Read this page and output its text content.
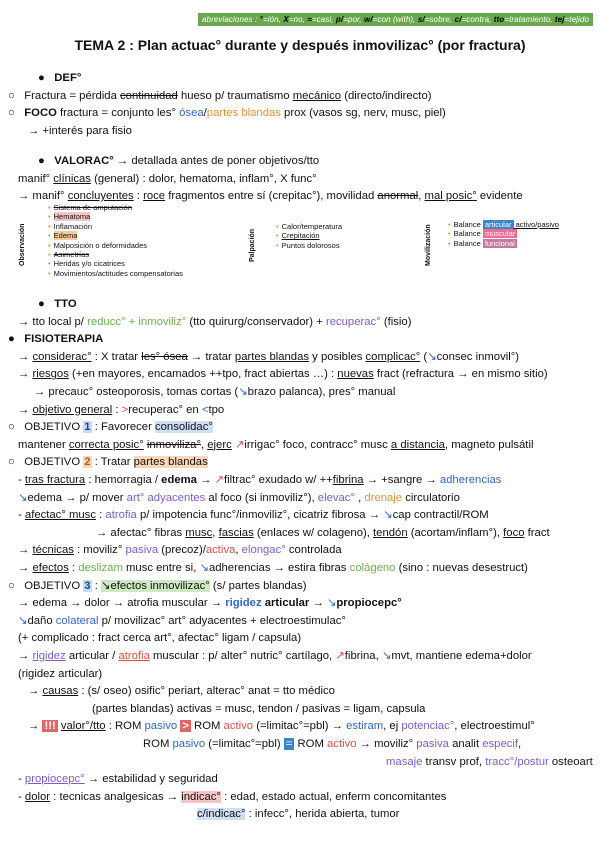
abreviaciones : °=ión, X=no, ≈=casi, p/=por, w/=con (with), s/=sobre, c/=contra, tto=tratamiento, tej=tejido
TEMA 2 : Plan actuac° durante y después inmovilizac° (por fractura)
●   DEF°
○   Fractura = pérdida continuidad hueso p/ traumatismo mecánico (directo/indirecto)
○   FOCO fractura = conjunto les° ósea/partes blandas prox (vasos sg, nerv, musc, piel)
→ +interés para fisio
●   VALORAC° → detallada antes de poner objetivos/tto
manif° clínicas (general) : dolor, hematoma, inflam°, X func°
→ manif° concluyentes : roce fragmentos entre sí (crepitac°), movilidad anormal, mal posic° evidente
Observación
• Sistema de amputación
• Hematoma
• Inflamación
• Edema
• Malposición o deformidades
• Asimetrías
• Heridas y/o cicatrices
• Movimientos/actitudes compensatorias
Palpación
• Calor/temperatura
• Crepitación
• Puntos dolorosos	Movilización	• Balance articular activo/pasivo
• Balance muscular
• Balance funcional
●   TTO
→ tto local p/ reducc° + inmoviliz° (tto quirurg/conservador) + recuperac° (fisio)
●   FISIOTERAPIA
→ considerac° : X tratar les° ósea → tratar partes blandas y posibles complicac° (↘consec inmovil°)
→ riesgos (+en mayores, encamados ++tpo, fract abiertas …) : nuevas fract (refractura → en mismo sitio)
→ precauc° osteoporosis, tomas cortas (↘brazo palanca), pres° manual
→ objetivo general : >recuperac° en <tpo
○   OBJETIVO 1 : Favorecer consolidac°
mantener correcta posic° inmoviliza°, ejerc ↗irrigac° foco, contracc° musc a distancia, magneto pulsátil
○   OBJETIVO 2 : Tratar partes blandas
- tras fractura : hemorragia / edema → ↗filtrac° exudado w/ ++fibrina → +sangre → adherencias
↘edema → p/ mover art° adyacentes al foco (si inmoviliz°), elevac° , drenaje circulatorio
- afectac° musc : atrofia p/ impotencia func°/inmoviliz°, cicatriz fibrosa → ↘cap contractil/ROM
→ afectac° fibras musc, fascias (enlaces w/ colageno), tendón (acortam/inflam°), foco fract
→ técnicas : moviliz° pasiva (precoz)/activa, elongac° controlada
→ efectos : deslizam musc entre si, ↘adherencias → estira fibras colágeno (sino : nuevas desestruct)
○   OBJETIVO 3 : ↘efectos inmovilizac° (s/ partes blandas)
→ edema → dolor → atrofia muscular → rigidez articular → ↘propiocepc°
↘daño colateral p/ movilizac° art° adyacentes + electroestimulac°
(+ complicado : fract cerca art°, afectac° ligam / capsula)
→ rigidez articular / atrofia muscular : p/ alter° nutric° cartílago, ↗fibrina, ↘mvt, mantiene edema+dolor
(rigidez articular)
→ causas : (s/ oseo) osific° periart, alterac° anat = tto médico
(partes blandas) activas = musc, tendon / pasivas = ligam, capsula
→ !!! valor°/tto : ROM pasivo > ROM activo (=limitac°=pbl) → estiram, ej potenciac°, electroestimul°
ROM pasivo (=limitac°=pbl) = ROM activo → moviliz° pasiva analit especif,
masaje transv prof, tracc°/postur osteoart
- propiocepc° → estabilidad y seguridad
- dolor : tecnicas analgesicas → indicac° : edad, estado actual, enferm concomitantes
c/indicac° : infecc°, herida abierta, tumor
